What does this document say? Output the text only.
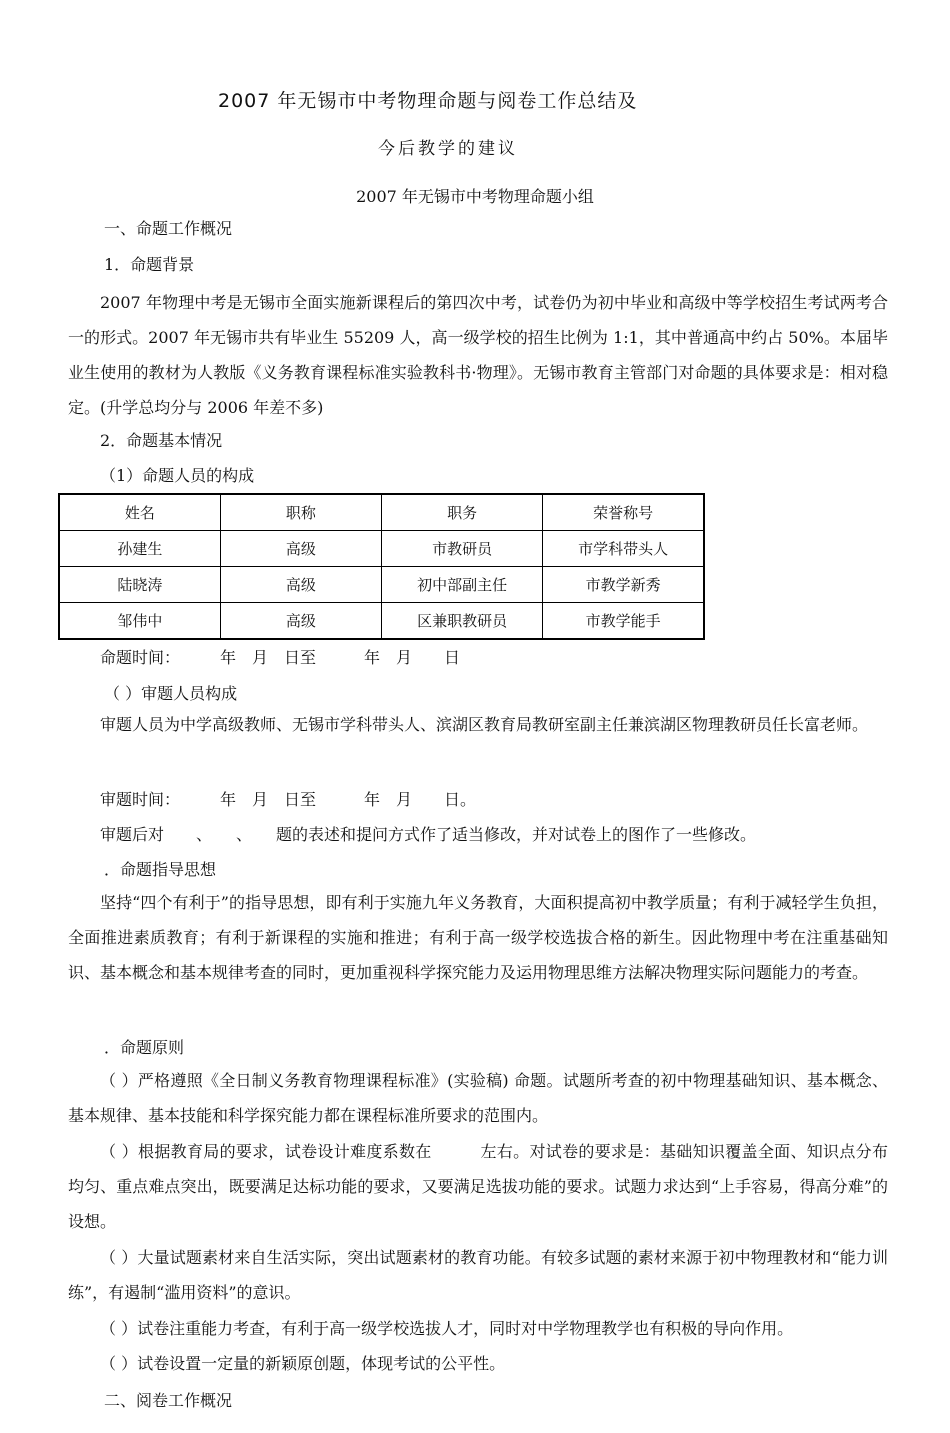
2007 年无锡市中考物理命题与阅卷工作总结及
今后教学的建议
2007 年无锡市中考物理命题小组
一、命题工作概况
1．命题背景
2007 年物理中考是无锡市全面实施新课程后的第四次中考，试卷仍为初中毕业和高级中等学校招生考试两考合一的形式。2007 年无锡市共有毕业生 55209 人，高一级学校的招生比例为 1:1，其中普通高中约占 50%。本届毕业生使用的教材为人教版《义务教育课程标准实验教科书·物理》。无锡市教育主管部门对命题的具体要求是：相对稳定。(升学总均分与 2006 年差不多)
2．命题基本情况
（1）命题人员的构成
姓名	职称	职务	荣誉称号
孙建生	高级	市教研员	市学科带头人
陆晓涛	高级	初中部副主任	市教学新秀
邹伟中	高级	区兼职教研员	市教学能手
命题时间：　　　年　月　日至　　　年　月　　日
（ ）审题人员构成
审题人员为中学高级教师、无锡市学科带头人、滨湖区教育局教研室副主任兼滨湖区物理教研员任长富老师。
审题时间：　　　年　月　日至　　　年　月　　日。
审题后对　　、　　、　　题的表述和提问方式作了适当修改，并对试卷上的图作了一些修改。
．命题指导思想
坚持“四个有利于”的指导思想，即有利于实施九年义务教育，大面积提高初中教学质量；有利于减轻学生负担，全面推进素质教育；有利于新课程的实施和推进；有利于高一级学校选拔合格的新生。因此物理中考在注重基础知识、基本概念和基本规律考查的同时，更加重视科学探究能力及运用物理思维方法解决物理实际问题能力的考查。
．命题原则
（ ）严格遵照《全日制义务教育物理课程标准》(实验稿) 命题。试题所考查的初中物理基础知识、基本概念、基本规律、基本技能和科学探究能力都在课程标准所要求的范围内。
（ ）根据教育局的要求，试卷设计难度系数在　　　左右。对试卷的要求是：基础知识覆盖全面、知识点分布均匀、重点难点突出，既要满足达标功能的要求，又要满足选拔功能的要求。试题力求达到“上手容易，得高分难”的设想。
（ ）大量试题素材来自生活实际，突出试题素材的教育功能。有较多试题的素材来源于初中物理教材和“能力训练”，有遏制“滥用资料”的意识。
（ ）试卷注重能力考查，有利于高一级学校选拔人才，同时对中学物理教学也有积极的导向作用。
（ ）试卷设置一定量的新颖原创题，体现考试的公平性。
二、阅卷工作概况
